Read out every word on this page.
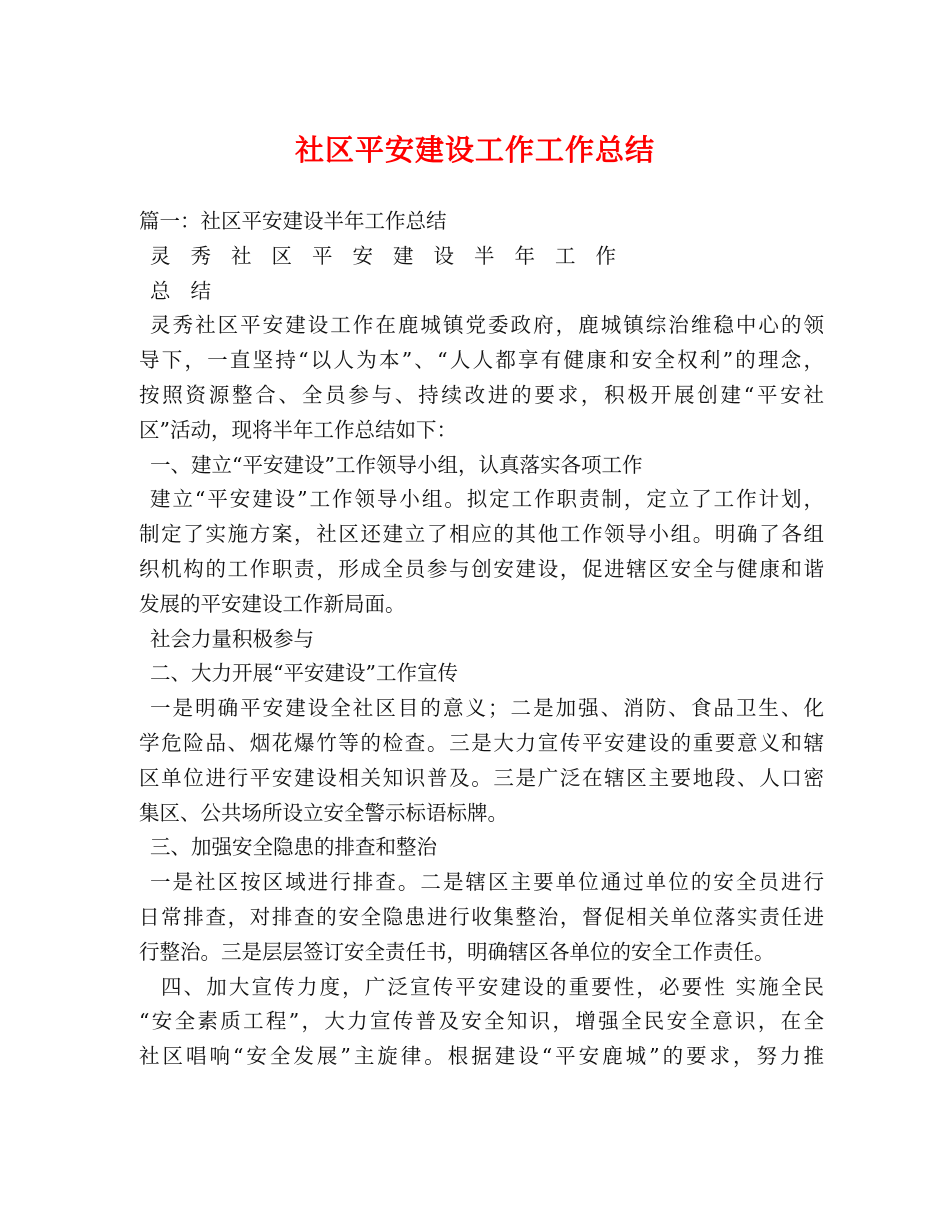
社区平安建设工作工作总结
篇一：社区平安建设半年工作总结
灵秀社区平安建设半年工作
总结
灵秀社区平安建设工作在鹿城镇党委政府，鹿城镇综治维稳中心的领
导下，一直坚持“以人为本”、“人人都享有健康和安全权利”的理念，
按照资源整合、全员参与、持续改进的要求，积极开展创建“平安社
区”活动，现将半年工作总结如下：
一、建立“平安建设”工作领导小组，认真落实各项工作
建立“平安建设”工作领导小组。拟定工作职责制，定立了工作计划，
制定了实施方案，社区还建立了相应的其他工作领导小组。明确了各组
织机构的工作职责，形成全员参与创安建设，促进辖区安全与健康和谐
发展的平安建设工作新局面。
社会力量积极参与
二、大力开展“平安建设”工作宣传
一是明确平安建设全社区目的意义；二是加强、消防、食品卫生、化
学危险品、烟花爆竹等的检查。三是大力宣传平安建设的重要意义和辖
区单位进行平安建设相关知识普及。三是广泛在辖区主要地段、人口密
集区、公共场所设立安全警示标语标牌。
三、加强安全隐患的排查和整治
一是社区按区域进行排查。二是辖区主要单位通过单位的安全员进行
日常排查，对排查的安全隐患进行收集整治，督促相关单位落实责任进
行整治。三是层层签订安全责任书，明确辖区各单位的安全工作责任。
四、加大宣传力度，广泛宣传平安建设的重要性，必要性 实施全民
“安全素质工程”，大力宣传普及安全知识，增强全民安全意识，在全
社区唱响“安全发展”主旋律。根据建设“平安鹿城”的要求，努力推
